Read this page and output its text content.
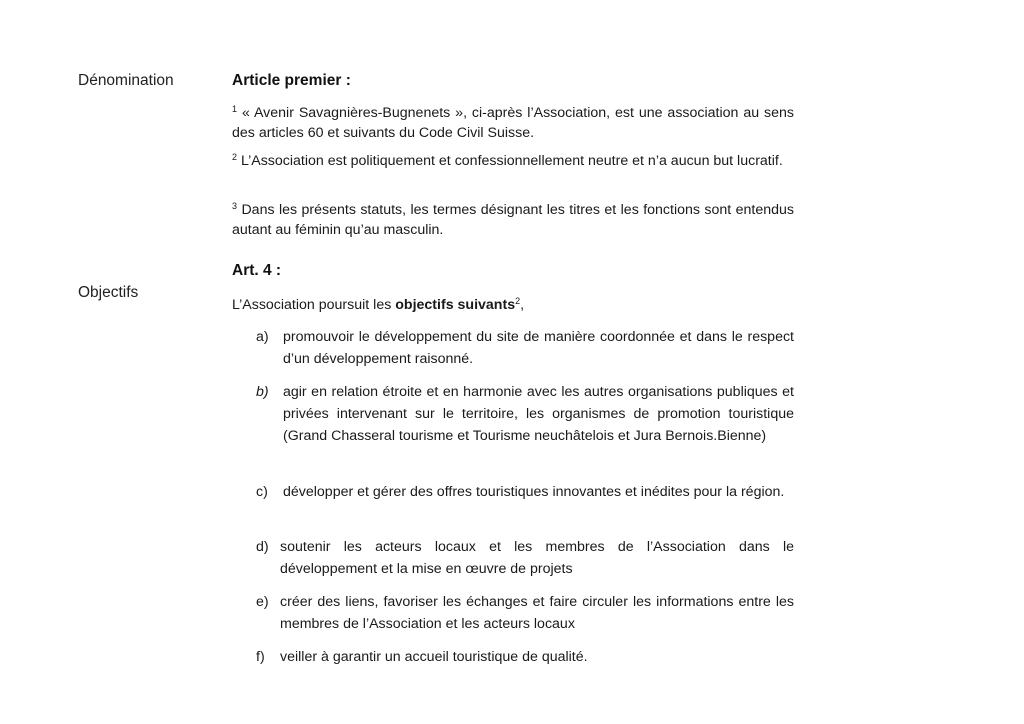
Dénomination	Article premier :
$^1$ « Avenir Savagnières-Bugnenets », ci-après l’Association, est une association au sens des articles 60 et suivants du Code Civil Suisse.
$^2$ L’Association est politiquement et confessionnellement neutre et n’a aucun but lucratif.
$^3$ Dans les présents statuts, les termes désignant les titres et les fonctions sont entendus autant au féminin qu’au masculin.
Art. 4 :
Objectifs
L’Association poursuit les objectifs suivants$^2$,
a)	promouvoir le développement du site de manière coordonnée et dans le respect d’un développement raisonné.
b)	agir en relation étroite et en harmonie avec les autres organisations publiques et privées intervenant sur le territoire, les organismes de promotion touristique (Grand Chasseral tourisme et Tourisme neuchâtelois et Jura Bernois.Bienne)
c)	développer et gérer des offres touristiques innovantes et inédites pour la région.
d) soutenir les acteurs locaux et les membres de l’Association dans le développement et la mise en œuvre de projets
e) créer des liens, favoriser les échanges et faire circuler les informations entre les membres de l’Association et les acteurs locaux
f)	veiller à garantir un accueil touristique de qualité.
